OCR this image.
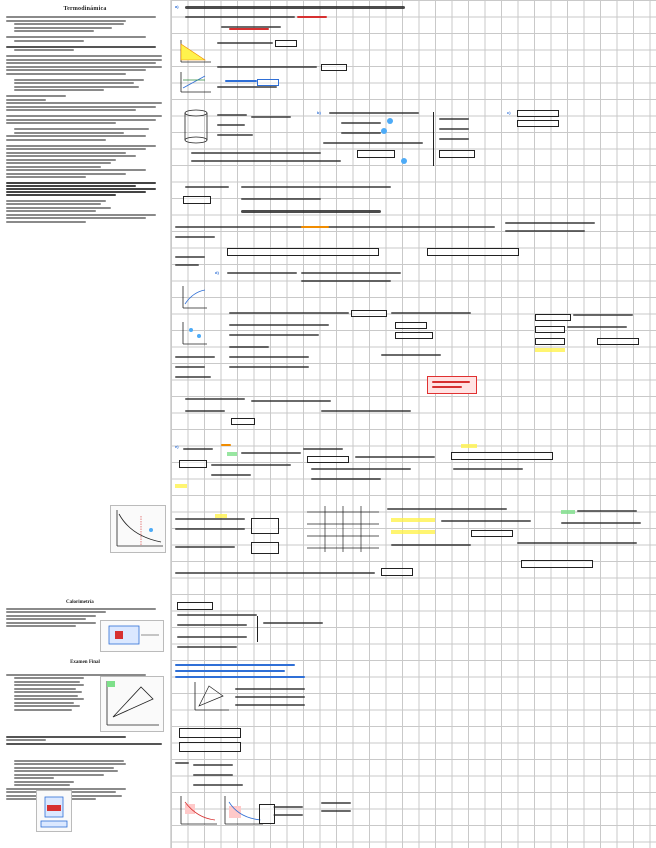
Termodinámica
Calorimetría
Examen Final
a)
b)	c)
d)
e)
